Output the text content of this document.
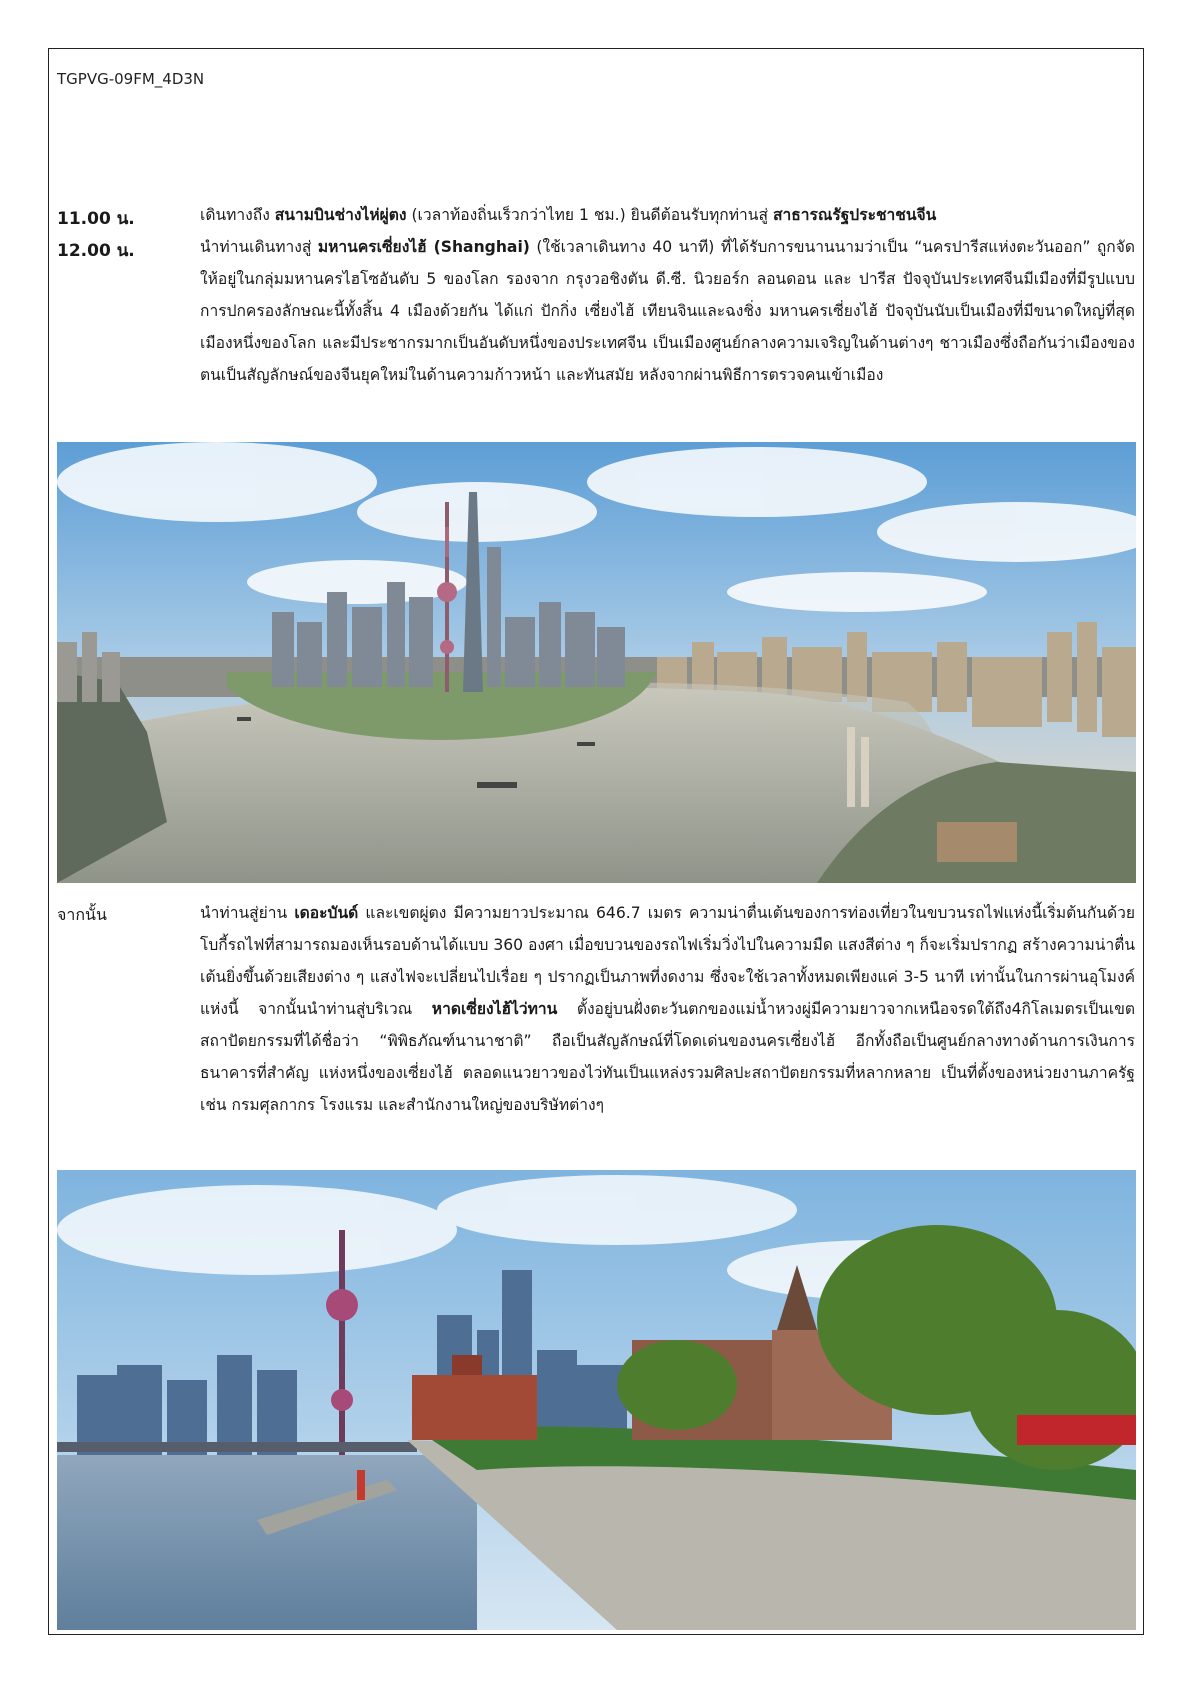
TGPVG-09FM_4D3N
11.00 น.	เดินทางถึง สนามบินช่างไห่ผู่ตง (เวลาท้องถิ่นเร็วกว่าไทย 1 ชม.) ยินดีต้อนรับทุกท่านสู่ สาธารณรัฐประชาชนจีน
12.00 น.	นำท่านเดินทางสู่ มหานครเซี่ยงไฮ้ (Shanghai) (ใช้เวลาเดินทาง 40 นาที) ที่ได้รับการขนานนามว่าเป็น “นครปารีสแห่งตะวันออก” ถูกจัดให้อยู่ในกลุ่มมหานครไฮโซอันดับ 5 ของโลก รองจาก กรุงวอชิงตัน ดี.ซี. นิวยอร์ก ลอนดอน และ ปารีส ปัจจุบันประเทศจีนมีเมืองที่มีรูปแบบการปกครองลักษณะนี้ทั้งสิ้น 4 เมืองด้วยกัน ได้แก่ ปักกิ่ง เซี่ยงไฮ้ เทียนจินและฉงชิ่ง มหานครเซี่ยงไฮ้ ปัจจุบันนับเป็นเมืองที่มีขนาดใหญ่ที่สุดเมืองหนึ่งของโลก และมีประชากรมากเป็นอันดับหนึ่งของประเทศจีน เป็นเมืองศูนย์กลางความเจริญในด้านต่างๆ ชาวเมืองซึ่งถือกันว่าเมืองของตนเป็นสัญลักษณ์ของจีนยุคใหม่ในด้านความก้าวหน้า และทันสมัย หลังจากผ่านพิธีการตรวจคนเข้าเมือง
จากนั้น	นำท่านสู่ย่าน เดอะบันด์ และเขตผู่ตง มีความยาวประมาณ 646.7 เมตร ความน่าตื่นเต้นของการท่องเที่ยวในขบวนรถไฟแห่งนี้เริ่มต้นกันด้วย โบกี้รถไฟที่สามารถมองเห็นรอบด้านได้แบบ 360 องศา เมื่อขบวนของรถไฟเริ่มวิ่งไปในความมืด แสงสีต่าง ๆ ก็จะเริ่มปรากฏ สร้างความน่าตื่นเต้นยิ่งขึ้นด้วยเสียงต่าง ๆ แสงไฟจะเปลี่ยนไปเรื่อย ๆ ปรากฏเป็นภาพที่งดงาม ซึ่งจะใช้เวลาทั้งหมดเพียงแค่ 3-5 นาที เท่านั้นในการผ่านอุโมงค์แห่งนี้ จากนั้นนำท่านสู่บริเวณ หาดเซี่ยงไฮ้ไว่ทาน ตั้งอยู่บนฝั่งตะวันตกของแม่น้ำหวงผู่มีความยาวจากเหนือจรดใต้ถึง4กิโลเมตรเป็นเขตสถาปัตยกรรมที่ได้ชื่อว่า “พิพิธภัณฑ์นานาชาติ” ถือเป็นสัญลักษณ์ที่โดดเด่นของนครเซี่ยงไฮ้ อีกทั้งถือเป็นศูนย์กลางทางด้านการเงินการธนาคารที่สำคัญ แห่งหนึ่งของเซี่ยงไฮ้ ตลอดแนวยาวของไว่ทันเป็นแหล่งรวมศิลปะสถาปัตยกรรมที่หลากหลาย เป็นที่ตั้งของหน่วยงานภาครัฐ เช่น กรมศุลกากร โรงแรม และสำนักงานใหญ่ของบริษัทต่างๆ
